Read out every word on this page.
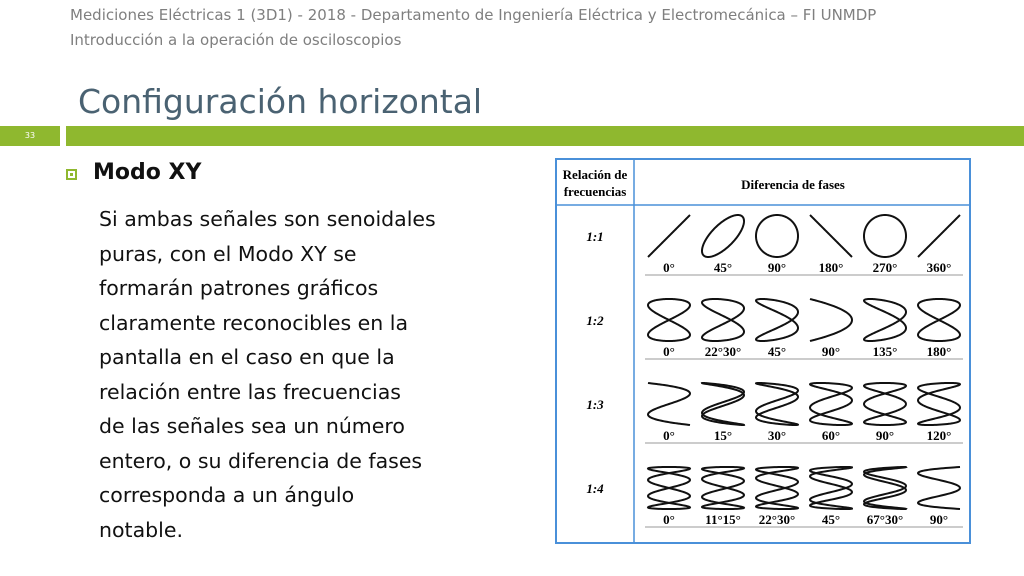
Mediciones Eléctricas 1 (3D1) - 2018 - Departamento de Ingeniería Eléctrica y Electromecánica – FI UNMDP
Introducción a la operación de osciloscopios
Configuración horizontal
33
Modo XY
Si ambas señales son senoidales
puras, con el Modo XY se
formarán patrones gráficos
claramente reconocibles en la
pantalla en el caso en que la
relación entre las frecuencias
de las señales sea un número
entero, o su diferencia de fases
corresponda a un ángulo
notable.
Relación de
frecuencias	Diferencia de fases
1:1
0°	45°	90°	180° 270° 360°
1:2
0° 22°30° 45°	90°	135° 180°
1:3
0°	15°	30°	60°	90°	120°
1:4
0° 11°15° 22°30° 45° 67°30° 90°
